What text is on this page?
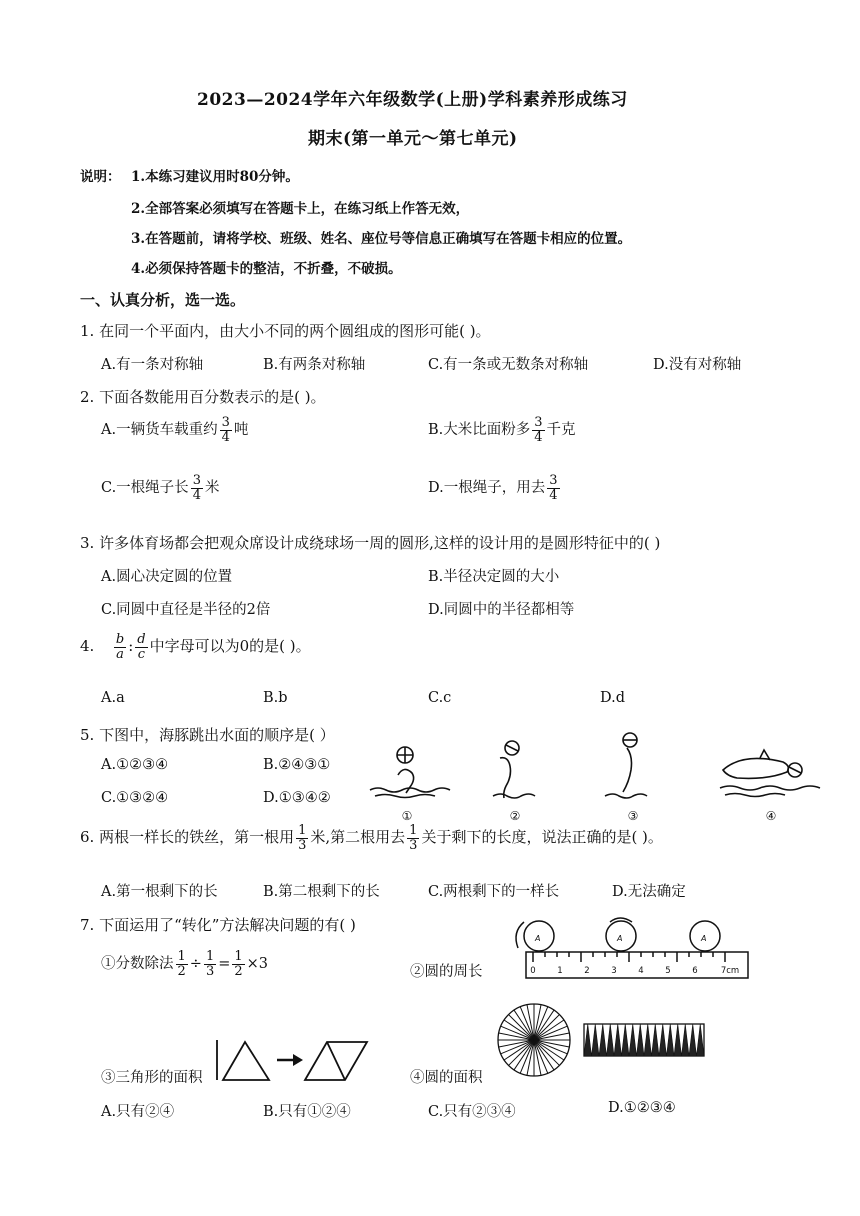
2023—2024学年六年级数学(上册)学科素养形成练习
期末(第一单元～第七单元)
说明： 1.本练习建议用时80分钟。
2.全部答案必须填写在答题卡上，在练习纸上作答无效，
3.在答题前，请将学校、班级、姓名、座位号等信息正确填写在答题卡相应的位置。
4.必须保持答题卡的整洁，不折叠，不破损。
一、认真分析，选一选。
1. 在同一个平面内，由大小不同的两个圆组成的图形可能( )。
A.有一条对称轴	B.有两条对称轴	C.有一条或无数条对称轴	D.没有对称轴
2. 下面各数能用百分数表示的是( )。
A.一辆货车载重约 $\frac{3}{4}$ 吨	B.大米比面粉多 $\frac{3}{4}$ 千克
C.一根绳子长 $\frac{3}{4}$ 米	D.一根绳子，用去 $\frac{3}{4}$
3. 许多体育场都会把观众席设计成绕球场一周的圆形,这样的设计用的是圆形特征中的( )
A.圆心决定圆的位置	B.半径决定圆的大小
C.同圆中直径是半径的2倍	D.同圆中的半径都相等
4. $\frac{b}{a}$ : $\frac{d}{c}$ 中字母可以为0的是( )。
A.a	B.b	C.c	D.d
5. 下图中，海豚跳出水面的顺序是( ）
A.①②③④	B.②④③①
C.①③②④	D.①③④②
①	②	③	④
6. 两根一样长的铁丝，第一根用 $\frac{1}{3}$ 米,第二根用去 $\frac{1}{3}$ 关于剩下的长度，说法正确的是( )。
A.第一根剩下的长	B.第二根剩下的长	C.两根剩下的一样长	D.无法确定
7. 下面运用了“转化”方法解决问题的有( )
①分数除法 $\frac{1}{2} \div \frac{1}{3} = \frac{1}{2} \times 3$	②圆的周长
A	A	A
0	1	2	3	4	5	6	7cm
③三角形的面积	④圆的面积
A.只有②④	B.只有①②④	C.只有②③④	D.①②③④
